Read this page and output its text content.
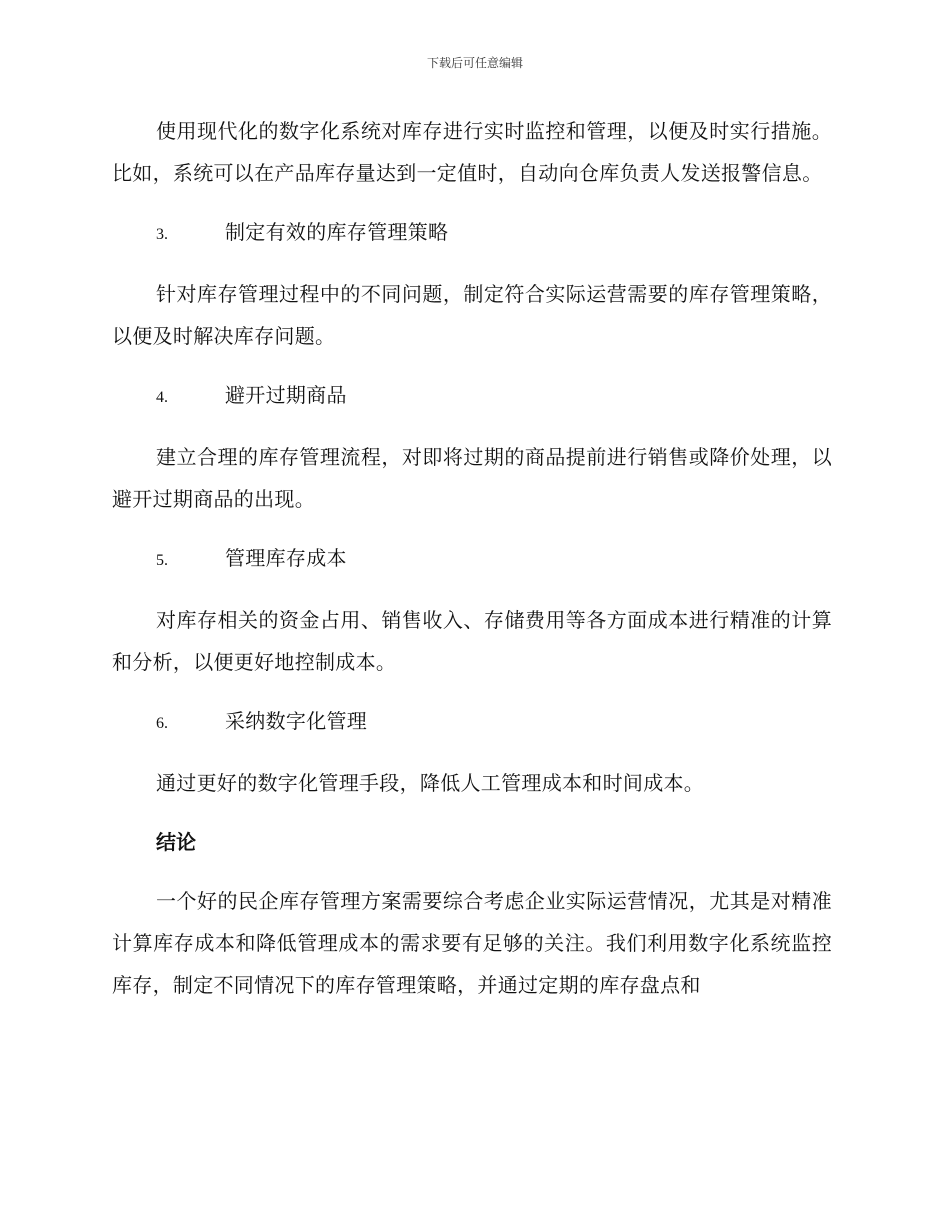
下载后可任意编辑

使用现代化的数字化系统对库存进行实时监控和管理，以便及时实行措施。比如，系统可以在产品库存量达到一定值时，自动向仓库负责人发送报警信息。

3.	制定有效的库存管理策略

针对库存管理过程中的不同问题，制定符合实际运营需要的库存管理策略，以便及时解决库存问题。

4.	避开过期商品

建立合理的库存管理流程，对即将过期的商品提前进行销售或降价处理，以避开过期商品的出现。

5.	管理库存成本

对库存相关的资金占用、销售收入、存储费用等各方面成本进行精准的计算和分析，以便更好地控制成本。

6.	采纳数字化管理

通过更好的数字化管理手段，降低人工管理成本和时间成本。

结论

一个好的民企库存管理方案需要综合考虑企业实际运营情况，尤其是对精准计算库存成本和降低管理成本的需求要有足够的关注。我们利用数字化系统监控库存，制定不同情况下的库存管理策略，并通过定期的库存盘点和
